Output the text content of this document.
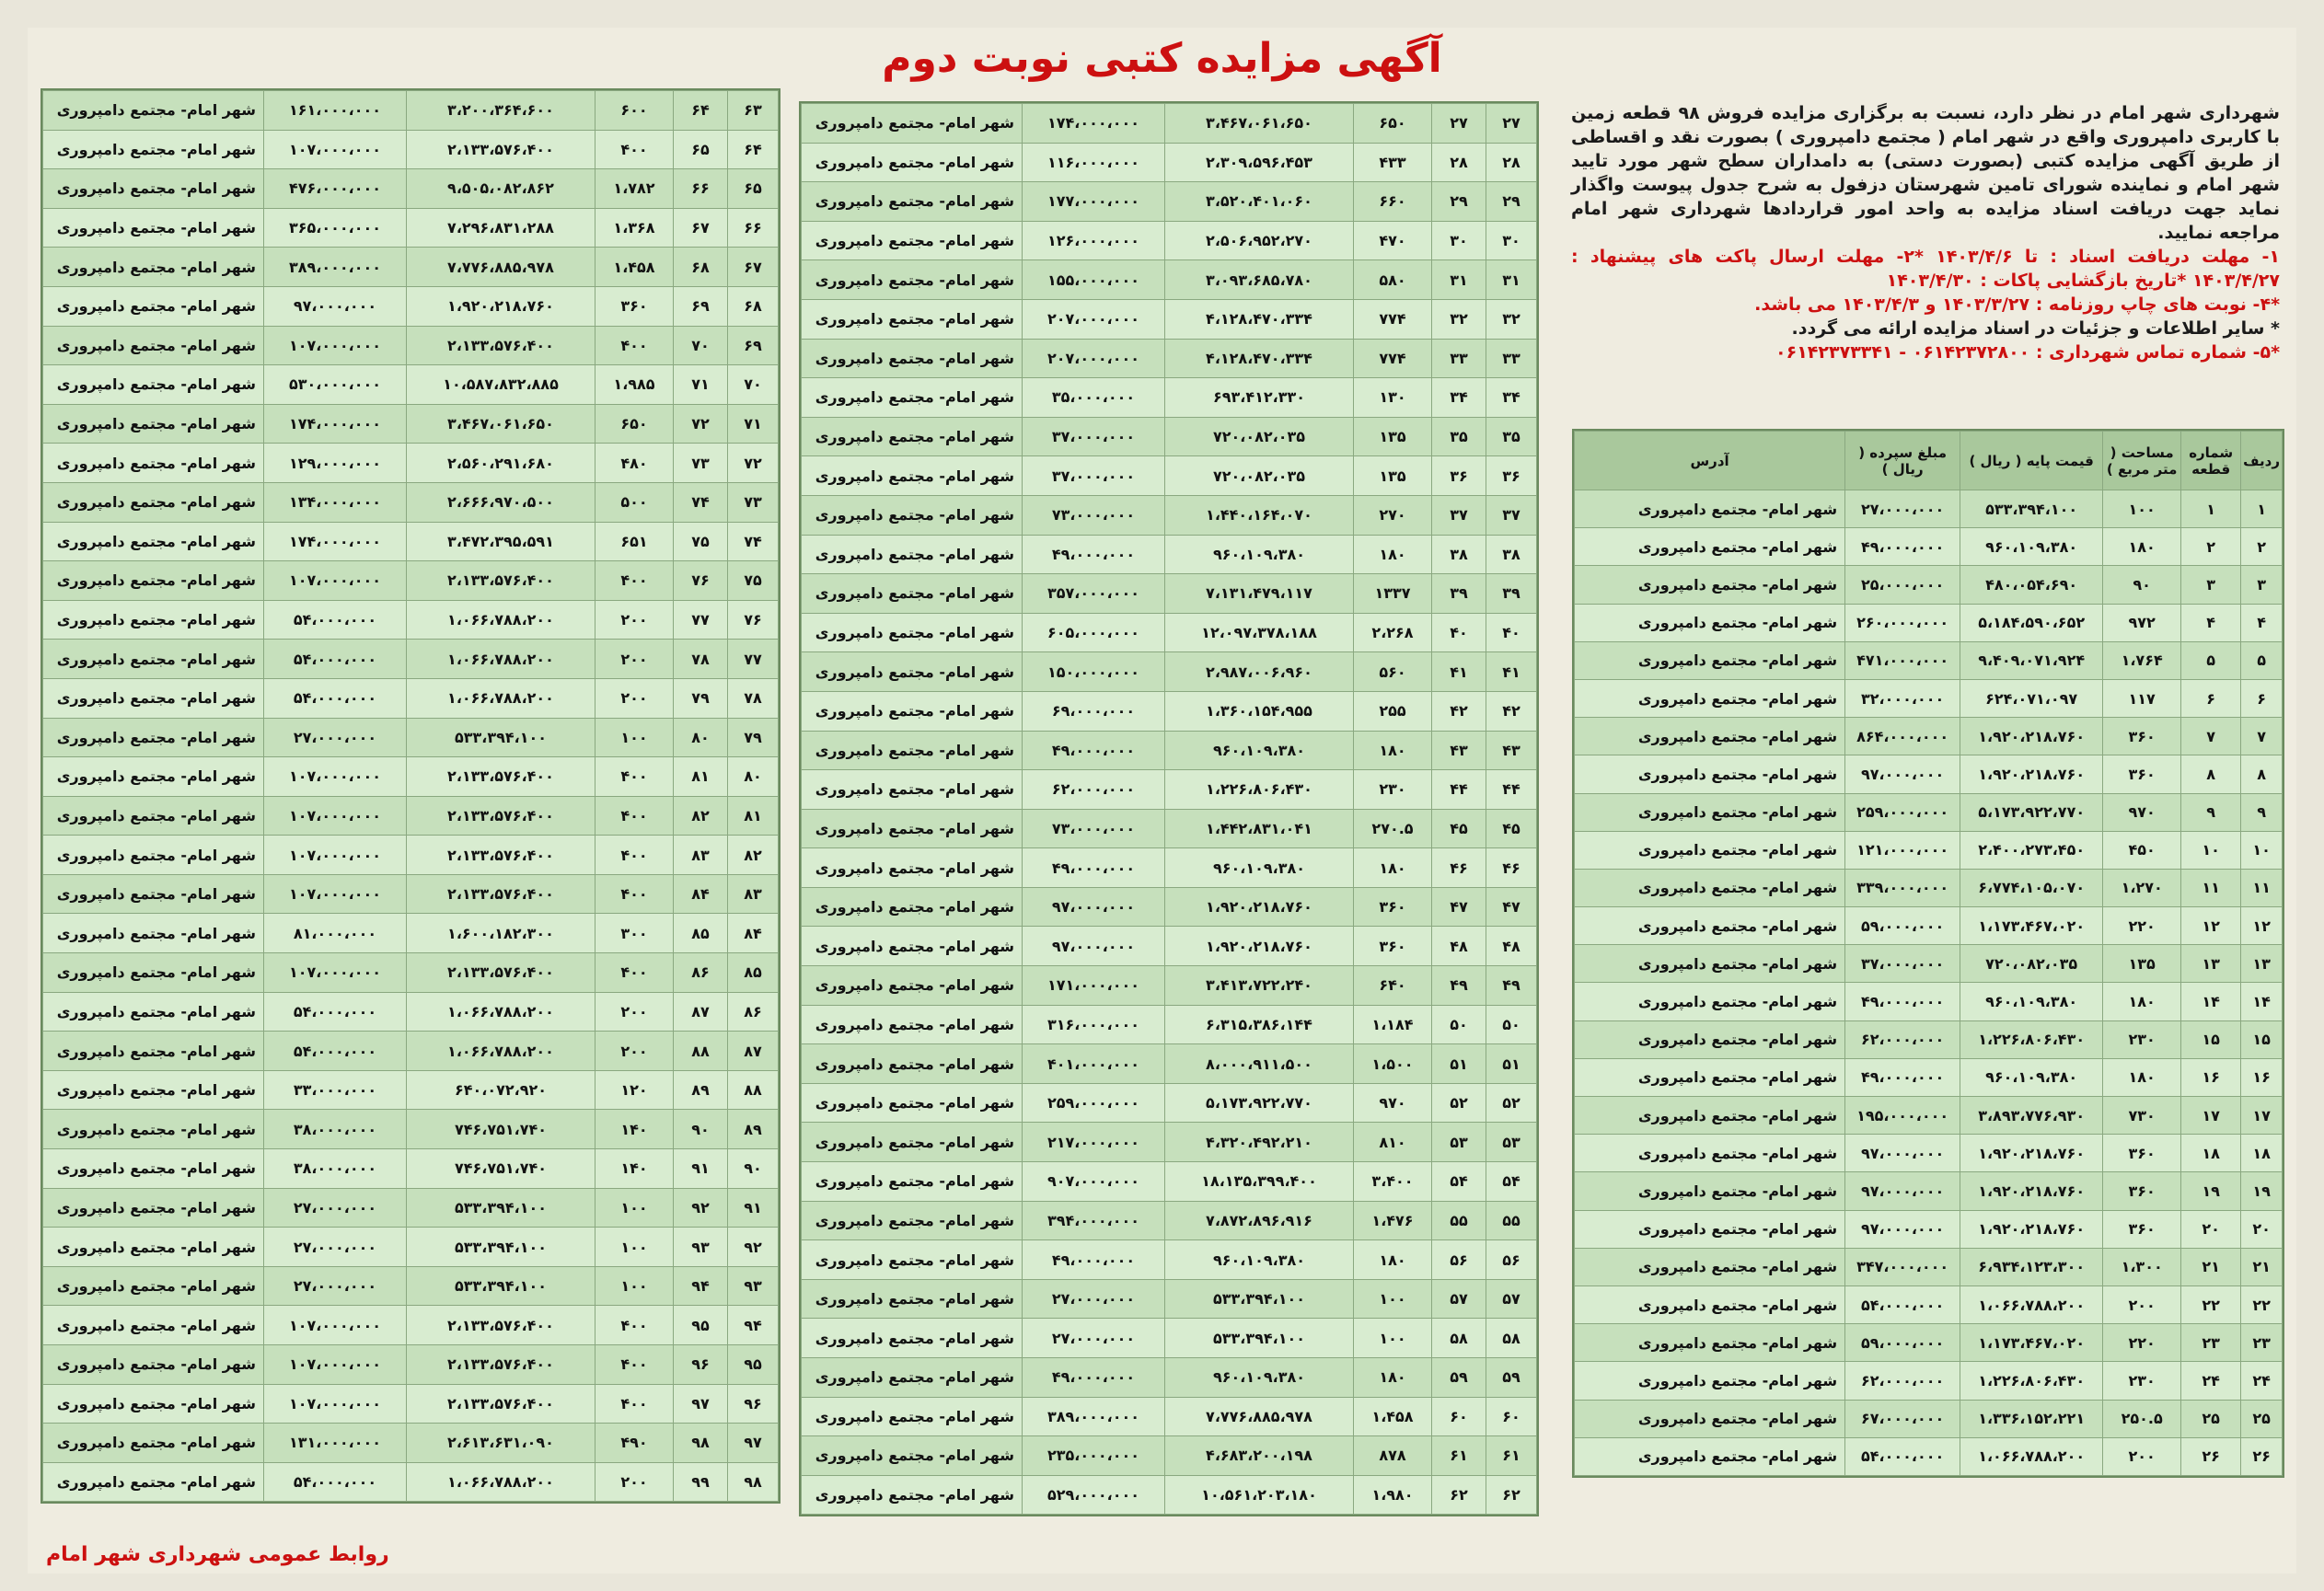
آگهی مزایده کتبی نوبت دوم

شهرداری شهر امام در نظر دارد، نسبت به برگزاری مزایده فروش ۹۸ قطعه زمین با کاربری دامپروری واقع در شهر امام ( مجتمع دامپروری ) بصورت نقد و اقساطی از طریق آگهی مزایده کتبی (بصورت دستی) به دامداران سطح شهر مورد تایید شهر امام و نماینده شورای تامین شهرستان دزفول به شرح جدول پیوست واگذار نماید جهت دریافت اسناد مزایده به واحد امور قراردادها شهرداری شهر امام مراجعه نمایید.

۱- مهلت دریافت اسناد : تا ۱۴۰۳/۴/۶ *۲- مهلت ارسال پاکت های پیشنهاد : ۱۴۰۳/۴/۲۷ *تاریخ بازگشایی پاکات : ۱۴۰۳/۴/۳۰

*۴- نوبت های چاپ روزنامه : ۱۴۰۳/۳/۲۷ و ۱۴۰۳/۴/۳ می باشد.

* سایر اطلاعات و جزئیات در اسناد مزایده ارائه می گردد.

*۵- شماره تماس شهرداری : ۰۶۱۴۲۳۷۲۸۰۰ - ۰۶۱۴۲۳۷۳۳۴۱

ردیف	شماره قطعه	مساحت ( متر مربع )	قیمت پایه ( ریال )	مبلغ سپرده ( ریال )	آدرس
۱	۱	۱۰۰	۵۳۳،۳۹۴،۱۰۰	۲۷،۰۰۰،۰۰۰	شهر امام- مجتمع دامپروری
۲	۲	۱۸۰	۹۶۰،۱۰۹،۳۸۰	۴۹،۰۰۰،۰۰۰	شهر امام- مجتمع دامپروری
۳	۳	۹۰	۴۸۰،۰۵۴،۶۹۰	۲۵،۰۰۰،۰۰۰	شهر امام- مجتمع دامپروری
۴	۴	۹۷۲	۵،۱۸۴،۵۹۰،۶۵۲	۲۶۰،۰۰۰،۰۰۰	شهر امام- مجتمع دامپروری
۵	۵	۱،۷۶۴	۹،۴۰۹،۰۷۱،۹۲۴	۴۷۱،۰۰۰،۰۰۰	شهر امام- مجتمع دامپروری
۶	۶	۱۱۷	۶۲۴،۰۷۱،۰۹۷	۳۲،۰۰۰،۰۰۰	شهر امام- مجتمع دامپروری
۷	۷	۳۶۰	۱،۹۲۰،۲۱۸،۷۶۰	۸۶۴،۰۰۰،۰۰۰	شهر امام- مجتمع دامپروری
۸	۸	۳۶۰	۱،۹۲۰،۲۱۸،۷۶۰	۹۷،۰۰۰،۰۰۰	شهر امام- مجتمع دامپروری
۹	۹	۹۷۰	۵،۱۷۳،۹۲۲،۷۷۰	۲۵۹،۰۰۰،۰۰۰	شهر امام- مجتمع دامپروری
۱۰	۱۰	۴۵۰	۲،۴۰۰،۲۷۳،۴۵۰	۱۲۱،۰۰۰،۰۰۰	شهر امام- مجتمع دامپروری
۱۱	۱۱	۱،۲۷۰	۶،۷۷۴،۱۰۵،۰۷۰	۳۳۹،۰۰۰،۰۰۰	شهر امام- مجتمع دامپروری
۱۲	۱۲	۲۲۰	۱،۱۷۳،۴۶۷،۰۲۰	۵۹،۰۰۰،۰۰۰	شهر امام- مجتمع دامپروری
۱۳	۱۳	۱۳۵	۷۲۰،۰۸۲،۰۳۵	۳۷،۰۰۰،۰۰۰	شهر امام- مجتمع دامپروری
۱۴	۱۴	۱۸۰	۹۶۰،۱۰۹،۳۸۰	۴۹،۰۰۰،۰۰۰	شهر امام- مجتمع دامپروری
۱۵	۱۵	۲۳۰	۱،۲۲۶،۸۰۶،۴۳۰	۶۲،۰۰۰،۰۰۰	شهر امام- مجتمع دامپروری
۱۶	۱۶	۱۸۰	۹۶۰،۱۰۹،۳۸۰	۴۹،۰۰۰،۰۰۰	شهر امام- مجتمع دامپروری
۱۷	۱۷	۷۳۰	۳،۸۹۳،۷۷۶،۹۳۰	۱۹۵،۰۰۰،۰۰۰	شهر امام- مجتمع دامپروری
۱۸	۱۸	۳۶۰	۱،۹۲۰،۲۱۸،۷۶۰	۹۷،۰۰۰،۰۰۰	شهر امام- مجتمع دامپروری
۱۹	۱۹	۳۶۰	۱،۹۲۰،۲۱۸،۷۶۰	۹۷،۰۰۰،۰۰۰	شهر امام- مجتمع دامپروری
۲۰	۲۰	۳۶۰	۱،۹۲۰،۲۱۸،۷۶۰	۹۷،۰۰۰،۰۰۰	شهر امام- مجتمع دامپروری
۲۱	۲۱	۱،۳۰۰	۶،۹۳۴،۱۲۳،۳۰۰	۳۴۷،۰۰۰،۰۰۰	شهر امام- مجتمع دامپروری
۲۲	۲۲	۲۰۰	۱،۰۶۶،۷۸۸،۲۰۰	۵۴،۰۰۰،۰۰۰	شهر امام- مجتمع دامپروری
۲۳	۲۳	۲۲۰	۱،۱۷۳،۴۶۷،۰۲۰	۵۹،۰۰۰،۰۰۰	شهر امام- مجتمع دامپروری
۲۴	۲۴	۲۳۰	۱،۲۲۶،۸۰۶،۴۳۰	۶۲،۰۰۰،۰۰۰	شهر امام- مجتمع دامپروری
۲۵	۲۵	۲۵۰.۵	۱،۳۳۶،۱۵۲،۲۲۱	۶۷،۰۰۰،۰۰۰	شهر امام- مجتمع دامپروری
۲۶	۲۶	۲۰۰	۱،۰۶۶،۷۸۸،۲۰۰	۵۴،۰۰۰،۰۰۰	شهر امام- مجتمع دامپروری
۲۷	۲۷	۶۵۰	۳،۴۶۷،۰۶۱،۶۵۰	۱۷۴،۰۰۰،۰۰۰	شهر امام- مجتمع دامپروری
۲۸	۲۸	۴۳۳	۲،۳۰۹،۵۹۶،۴۵۳	۱۱۶،۰۰۰،۰۰۰	شهر امام- مجتمع دامپروری
۲۹	۲۹	۶۶۰	۳،۵۲۰،۴۰۱،۰۶۰	۱۷۷،۰۰۰،۰۰۰	شهر امام- مجتمع دامپروری
۳۰	۳۰	۴۷۰	۲،۵۰۶،۹۵۲،۲۷۰	۱۲۶،۰۰۰،۰۰۰	شهر امام- مجتمع دامپروری
۳۱	۳۱	۵۸۰	۳،۰۹۳،۶۸۵،۷۸۰	۱۵۵،۰۰۰،۰۰۰	شهر امام- مجتمع دامپروری
۳۲	۳۲	۷۷۴	۴،۱۲۸،۴۷۰،۳۳۴	۲۰۷،۰۰۰،۰۰۰	شهر امام- مجتمع دامپروری
۳۳	۳۳	۷۷۴	۴،۱۲۸،۴۷۰،۳۳۴	۲۰۷،۰۰۰،۰۰۰	شهر امام- مجتمع دامپروری
۳۴	۳۴	۱۳۰	۶۹۳،۴۱۲،۳۳۰	۳۵،۰۰۰،۰۰۰	شهر امام- مجتمع دامپروری
۳۵	۳۵	۱۳۵	۷۲۰،۰۸۲،۰۳۵	۳۷،۰۰۰،۰۰۰	شهر امام- مجتمع دامپروری
۳۶	۳۶	۱۳۵	۷۲۰،۰۸۲،۰۳۵	۳۷،۰۰۰،۰۰۰	شهر امام- مجتمع دامپروری
۳۷	۳۷	۲۷۰	۱،۴۴۰،۱۶۴،۰۷۰	۷۳،۰۰۰،۰۰۰	شهر امام- مجتمع دامپروری
۳۸	۳۸	۱۸۰	۹۶۰،۱۰۹،۳۸۰	۴۹،۰۰۰،۰۰۰	شهر امام- مجتمع دامپروری
۳۹	۳۹	۱۳۳۷	۷،۱۳۱،۴۷۹،۱۱۷	۳۵۷،۰۰۰،۰۰۰	شهر امام- مجتمع دامپروری
۴۰	۴۰	۲،۲۶۸	۱۲،۰۹۷،۳۷۸،۱۸۸	۶۰۵،۰۰۰،۰۰۰	شهر امام- مجتمع دامپروری
۴۱	۴۱	۵۶۰	۲،۹۸۷،۰۰۶،۹۶۰	۱۵۰،۰۰۰،۰۰۰	شهر امام- مجتمع دامپروری
۴۲	۴۲	۲۵۵	۱،۳۶۰،۱۵۴،۹۵۵	۶۹،۰۰۰،۰۰۰	شهر امام- مجتمع دامپروری
۴۳	۴۳	۱۸۰	۹۶۰،۱۰۹،۳۸۰	۴۹،۰۰۰،۰۰۰	شهر امام- مجتمع دامپروری
۴۴	۴۴	۲۳۰	۱،۲۲۶،۸۰۶،۴۳۰	۶۲،۰۰۰،۰۰۰	شهر امام- مجتمع دامپروری
۴۵	۴۵	۲۷۰.۵	۱،۴۴۲،۸۳۱،۰۴۱	۷۳،۰۰۰،۰۰۰	شهر امام- مجتمع دامپروری
۴۶	۴۶	۱۸۰	۹۶۰،۱۰۹،۳۸۰	۴۹،۰۰۰،۰۰۰	شهر امام- مجتمع دامپروری
۴۷	۴۷	۳۶۰	۱،۹۲۰،۲۱۸،۷۶۰	۹۷،۰۰۰،۰۰۰	شهر امام- مجتمع دامپروری
۴۸	۴۸	۳۶۰	۱،۹۲۰،۲۱۸،۷۶۰	۹۷،۰۰۰،۰۰۰	شهر امام- مجتمع دامپروری
۴۹	۴۹	۶۴۰	۳،۴۱۳،۷۲۲،۲۴۰	۱۷۱،۰۰۰،۰۰۰	شهر امام- مجتمع دامپروری
۵۰	۵۰	۱،۱۸۴	۶،۳۱۵،۳۸۶،۱۴۴	۳۱۶،۰۰۰،۰۰۰	شهر امام- مجتمع دامپروری
۵۱	۵۱	۱،۵۰۰	۸،۰۰۰،۹۱۱،۵۰۰	۴۰۱،۰۰۰،۰۰۰	شهر امام- مجتمع دامپروری
۵۲	۵۲	۹۷۰	۵،۱۷۳،۹۲۲،۷۷۰	۲۵۹،۰۰۰،۰۰۰	شهر امام- مجتمع دامپروری
۵۳	۵۳	۸۱۰	۴،۳۲۰،۴۹۲،۲۱۰	۲۱۷،۰۰۰،۰۰۰	شهر امام- مجتمع دامپروری
۵۴	۵۴	۳،۴۰۰	۱۸،۱۳۵،۳۹۹،۴۰۰	۹۰۷،۰۰۰،۰۰۰	شهر امام- مجتمع دامپروری
۵۵	۵۵	۱،۴۷۶	۷،۸۷۲،۸۹۶،۹۱۶	۳۹۴،۰۰۰،۰۰۰	شهر امام- مجتمع دامپروری
۵۶	۵۶	۱۸۰	۹۶۰،۱۰۹،۳۸۰	۴۹،۰۰۰،۰۰۰	شهر امام- مجتمع دامپروری
۵۷	۵۷	۱۰۰	۵۳۳،۳۹۴،۱۰۰	۲۷،۰۰۰،۰۰۰	شهر امام- مجتمع دامپروری
۵۸	۵۸	۱۰۰	۵۳۳،۳۹۴،۱۰۰	۲۷،۰۰۰،۰۰۰	شهر امام- مجتمع دامپروری
۵۹	۵۹	۱۸۰	۹۶۰،۱۰۹،۳۸۰	۴۹،۰۰۰،۰۰۰	شهر امام- مجتمع دامپروری
۶۰	۶۰	۱،۴۵۸	۷،۷۷۶،۸۸۵،۹۷۸	۳۸۹،۰۰۰،۰۰۰	شهر امام- مجتمع دامپروری
۶۱	۶۱	۸۷۸	۴،۶۸۳،۲۰۰،۱۹۸	۲۳۵،۰۰۰،۰۰۰	شهر امام- مجتمع دامپروری
۶۲	۶۲	۱،۹۸۰	۱۰،۵۶۱،۲۰۳،۱۸۰	۵۲۹،۰۰۰،۰۰۰	شهر امام- مجتمع دامپروری
۶۳	۶۴	۶۰۰	۳،۲۰۰،۳۶۴،۶۰۰	۱۶۱،۰۰۰،۰۰۰	شهر امام- مجتمع دامپروری
۶۴	۶۵	۴۰۰	۲،۱۳۳،۵۷۶،۴۰۰	۱۰۷،۰۰۰،۰۰۰	شهر امام- مجتمع دامپروری
۶۵	۶۶	۱،۷۸۲	۹،۵۰۵،۰۸۲،۸۶۲	۴۷۶،۰۰۰،۰۰۰	شهر امام- مجتمع دامپروری
۶۶	۶۷	۱،۳۶۸	۷،۲۹۶،۸۳۱،۲۸۸	۳۶۵،۰۰۰،۰۰۰	شهر امام- مجتمع دامپروری
۶۷	۶۸	۱،۴۵۸	۷،۷۷۶،۸۸۵،۹۷۸	۳۸۹،۰۰۰،۰۰۰	شهر امام- مجتمع دامپروری
۶۸	۶۹	۳۶۰	۱،۹۲۰،۲۱۸،۷۶۰	۹۷،۰۰۰،۰۰۰	شهر امام- مجتمع دامپروری
۶۹	۷۰	۴۰۰	۲،۱۳۳،۵۷۶،۴۰۰	۱۰۷،۰۰۰،۰۰۰	شهر امام- مجتمع دامپروری
۷۰	۷۱	۱،۹۸۵	۱۰،۵۸۷،۸۳۲،۸۸۵	۵۳۰،۰۰۰،۰۰۰	شهر امام- مجتمع دامپروری
۷۱	۷۲	۶۵۰	۳،۴۶۷،۰۶۱،۶۵۰	۱۷۴،۰۰۰،۰۰۰	شهر امام- مجتمع دامپروری
۷۲	۷۳	۴۸۰	۲،۵۶۰،۲۹۱،۶۸۰	۱۲۹،۰۰۰،۰۰۰	شهر امام- مجتمع دامپروری
۷۳	۷۴	۵۰۰	۲،۶۶۶،۹۷۰،۵۰۰	۱۳۴،۰۰۰،۰۰۰	شهر امام- مجتمع دامپروری
۷۴	۷۵	۶۵۱	۳،۴۷۲،۳۹۵،۵۹۱	۱۷۴،۰۰۰،۰۰۰	شهر امام- مجتمع دامپروری
۷۵	۷۶	۴۰۰	۲،۱۳۳،۵۷۶،۴۰۰	۱۰۷،۰۰۰،۰۰۰	شهر امام- مجتمع دامپروری
۷۶	۷۷	۲۰۰	۱،۰۶۶،۷۸۸،۲۰۰	۵۴،۰۰۰،۰۰۰	شهر امام- مجتمع دامپروری
۷۷	۷۸	۲۰۰	۱،۰۶۶،۷۸۸،۲۰۰	۵۴،۰۰۰،۰۰۰	شهر امام- مجتمع دامپروری
۷۸	۷۹	۲۰۰	۱،۰۶۶،۷۸۸،۲۰۰	۵۴،۰۰۰،۰۰۰	شهر امام- مجتمع دامپروری
۷۹	۸۰	۱۰۰	۵۳۳،۳۹۴،۱۰۰	۲۷،۰۰۰،۰۰۰	شهر امام- مجتمع دامپروری
۸۰	۸۱	۴۰۰	۲،۱۳۳،۵۷۶،۴۰۰	۱۰۷،۰۰۰،۰۰۰	شهر امام- مجتمع دامپروری
۸۱	۸۲	۴۰۰	۲،۱۳۳،۵۷۶،۴۰۰	۱۰۷،۰۰۰،۰۰۰	شهر امام- مجتمع دامپروری
۸۲	۸۳	۴۰۰	۲،۱۳۳،۵۷۶،۴۰۰	۱۰۷،۰۰۰،۰۰۰	شهر امام- مجتمع دامپروری
۸۳	۸۴	۴۰۰	۲،۱۳۳،۵۷۶،۴۰۰	۱۰۷،۰۰۰،۰۰۰	شهر امام- مجتمع دامپروری
۸۴	۸۵	۳۰۰	۱،۶۰۰،۱۸۲،۳۰۰	۸۱،۰۰۰،۰۰۰	شهر امام- مجتمع دامپروری
۸۵	۸۶	۴۰۰	۲،۱۳۳،۵۷۶،۴۰۰	۱۰۷،۰۰۰،۰۰۰	شهر امام- مجتمع دامپروری
۸۶	۸۷	۲۰۰	۱،۰۶۶،۷۸۸،۲۰۰	۵۴،۰۰۰،۰۰۰	شهر امام- مجتمع دامپروری
۸۷	۸۸	۲۰۰	۱،۰۶۶،۷۸۸،۲۰۰	۵۴،۰۰۰،۰۰۰	شهر امام- مجتمع دامپروری
۸۸	۸۹	۱۲۰	۶۴۰،۰۷۲،۹۲۰	۳۳،۰۰۰،۰۰۰	شهر امام- مجتمع دامپروری
۸۹	۹۰	۱۴۰	۷۴۶،۷۵۱،۷۴۰	۳۸،۰۰۰،۰۰۰	شهر امام- مجتمع دامپروری
۹۰	۹۱	۱۴۰	۷۴۶،۷۵۱،۷۴۰	۳۸،۰۰۰،۰۰۰	شهر امام- مجتمع دامپروری
۹۱	۹۲	۱۰۰	۵۳۳،۳۹۴،۱۰۰	۲۷،۰۰۰،۰۰۰	شهر امام- مجتمع دامپروری
۹۲	۹۳	۱۰۰	۵۳۳،۳۹۴،۱۰۰	۲۷،۰۰۰،۰۰۰	شهر امام- مجتمع دامپروری
۹۳	۹۴	۱۰۰	۵۳۳،۳۹۴،۱۰۰	۲۷،۰۰۰،۰۰۰	شهر امام- مجتمع دامپروری
۹۴	۹۵	۴۰۰	۲،۱۳۳،۵۷۶،۴۰۰	۱۰۷،۰۰۰،۰۰۰	شهر امام- مجتمع دامپروری
۹۵	۹۶	۴۰۰	۲،۱۳۳،۵۷۶،۴۰۰	۱۰۷،۰۰۰،۰۰۰	شهر امام- مجتمع دامپروری
۹۶	۹۷	۴۰۰	۲،۱۳۳،۵۷۶،۴۰۰	۱۰۷،۰۰۰،۰۰۰	شهر امام- مجتمع دامپروری
۹۷	۹۸	۴۹۰	۲،۶۱۳،۶۳۱،۰۹۰	۱۳۱،۰۰۰،۰۰۰	شهر امام- مجتمع دامپروری
۹۸	۹۹	۲۰۰	۱،۰۶۶،۷۸۸،۲۰۰	۵۴،۰۰۰،۰۰۰	شهر امام- مجتمع دامپروری
روابط عمومی شهرداری شهر امام
